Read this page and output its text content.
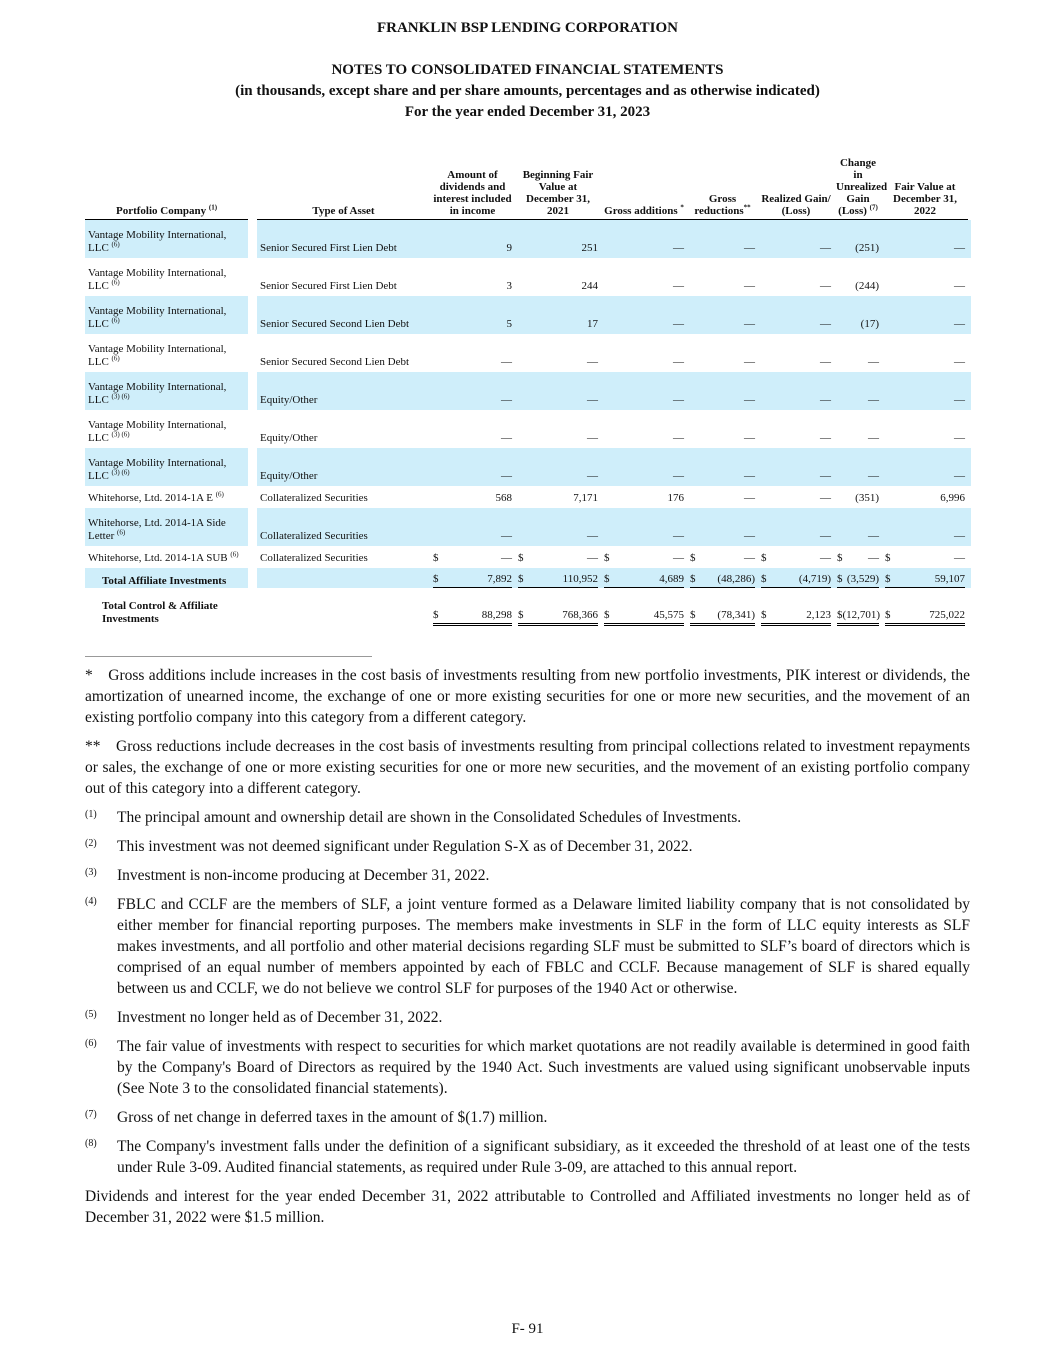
FRANKLIN BSP LENDING CORPORATION
NOTES TO CONSOLIDATED FINANCIAL STATEMENTS
(in thousands, except share and per share amounts, percentages and as otherwise indicated)
For the year ended December 31, 2023
Portfolio Company $^{(1)}$		Type of Asset	Amount of dividends and interest included in income	Beginning Fair Value at December 31, 2021	Gross additions *	Gross reductions**	Realized Gain/ (Loss)	Change in Unrealized Gain (Loss) $^{(7)}$	Fair Value at December 31, 2022	
Vantage Mobility International, LLC $^{(6)}$		Senior Secured First Lien Debt	9	251	—	—	—	(251)	—	
Vantage Mobility International, LLC $^{(6)}$		Senior Secured First Lien Debt	3	244	—	—	—	(244)	—	
Vantage Mobility International, LLC $^{(6)}$		Senior Secured Second Lien Debt	5	17	—	—	—	(17)	—	
Vantage Mobility International, LLC $^{(6)}$		Senior Secured Second Lien Debt	—	—	—	—	—	—	—	
Vantage Mobility International, LLC $^{(3) (6)}$		Equity/Other	—	—	—	—	—	—	—	
Vantage Mobility International, LLC $^{(3) (6)}$		Equity/Other	—	—	—	—	—	—	—	
Vantage Mobility International, LLC $^{(3) (6)}$		Equity/Other	—	—	—	—	—	—	—	
Whitehorse, Ltd. 2014-1A E $^{(6)}$		Collateralized Securities	568	7,171	176	—	—	(351)	6,996	
Whitehorse, Ltd. 2014-1A Side Letter $^{(6)}$		Collateralized Securities	—	—	—	—	—	—	—	
Whitehorse, Ltd. 2014-1A SUB $^{(6)}$		Collateralized Securities	$ —	$ —	$ —	$ —	$ —	$ —	$ —	
Total Affiliate Investments			$ 7,892	$ 110,952	$ 4,689	$ (48,286)	$ (4,719)	$ (3,529)	$ 59,107	

Total Control & Affiliate Investments			$ 88,298	$ 768,366	$ 45,575	$ (78,341)	$ 2,123	$ (12,701)	$ 725,022	

* Gross additions include increases in the cost basis of investments resulting from new portfolio investments, PIK interest or dividends, the amortization of unearned income, the exchange of one or more existing securities for one or more new securities, and the movement of an existing portfolio company into this category from a different category.

** Gross reductions include decreases in the cost basis of investments resulting from principal collections related to investment repayments or sales, the exchange of one or more existing securities for one or more new securities, and the movement of an existing portfolio company out of this category into a different category.

(1)	The principal amount and ownership detail are shown in the Consolidated Schedules of Investments.
(2)	This investment was not deemed significant under Regulation S-X as of December 31, 2022.
(3)	Investment is non-income producing at December 31, 2022.
(4)	FBLC and CCLF are the members of SLF, a joint venture formed as a Delaware limited liability company that is not consolidated by either member for financial reporting purposes. The members make investments in SLF in the form of LLC equity interests as SLF makes investments, and all portfolio and other material decisions regarding SLF must be submitted to SLF’s board of directors which is comprised of an equal number of members appointed by each of FBLC and CCLF. Because management of SLF is shared equally between us and CCLF, we do not believe we control SLF for purposes of the 1940 Act or otherwise.
(5)	Investment no longer held as of December 31, 2022.
(6)	The fair value of investments with respect to securities for which market quotations are not readily available is determined in good faith by the Company's Board of Directors as required by the 1940 Act. Such investments are valued using significant unobservable inputs (See Note 3 to the consolidated financial statements).
(7)	Gross of net change in deferred taxes in the amount of $(1.7) million.
(8)	The Company's investment falls under the definition of a significant subsidiary, as it exceeded the threshold of at least one of the tests under Rule 3-09. Audited financial statements, as required under Rule 3-09, are attached to this annual report.

Dividends and interest for the year ended December 31, 2022 attributable to Controlled and Affiliated investments no longer held as of December 31, 2022 were $1.5 million.

F- 91
